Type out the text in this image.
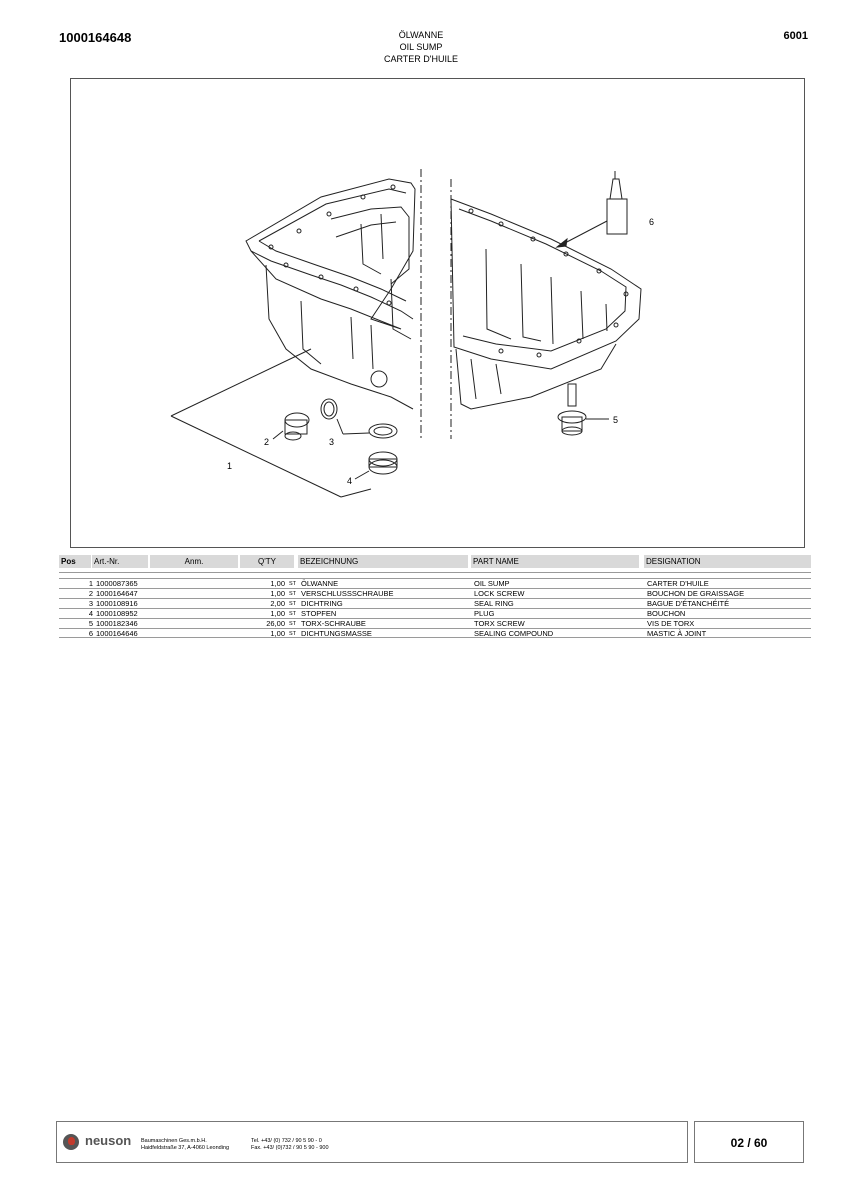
1000164648	ÖLWANNE
OIL SUMP
CARTER D'HUILE
6001
1
2	3
4
5
6
Pos	Art.-Nr.	Anm.	Q'TY	BEZEICHNUNG	PART NAME	DESIGNATION
1 1000087365	1,00 ST ÖLWANNE	OIL SUMP	CARTER D'HUILE
2 1000164647	1,00 ST VERSCHLUSSSCHRAUBE	LOCK SCREW	BOUCHON DE GRAISSAGE
3 1000108916	2,00 ST DICHTRING	SEAL RING	BAGUE D'ÉTANCHÉITÉ
4 1000108952	1,00 ST STOPFEN	PLUG	BOUCHON
5 1000182346	26,00 ST TORX-SCHRAUBE	TORX SCREW	VIS DE TORX
6 1000164646	1,00 ST DICHTUNGSMASSE	SEALING COMPOUND	MASTIC À JOINT
neuson Baumaschinen Ges.m.b.H.
Haidfeldstraße 37, A-4060 Leonding
Tel. +43/ (0) 732 / 90 5 90 - 0
Fax. +43/ (0)732 / 90 5 90 - 900	02 / 60
